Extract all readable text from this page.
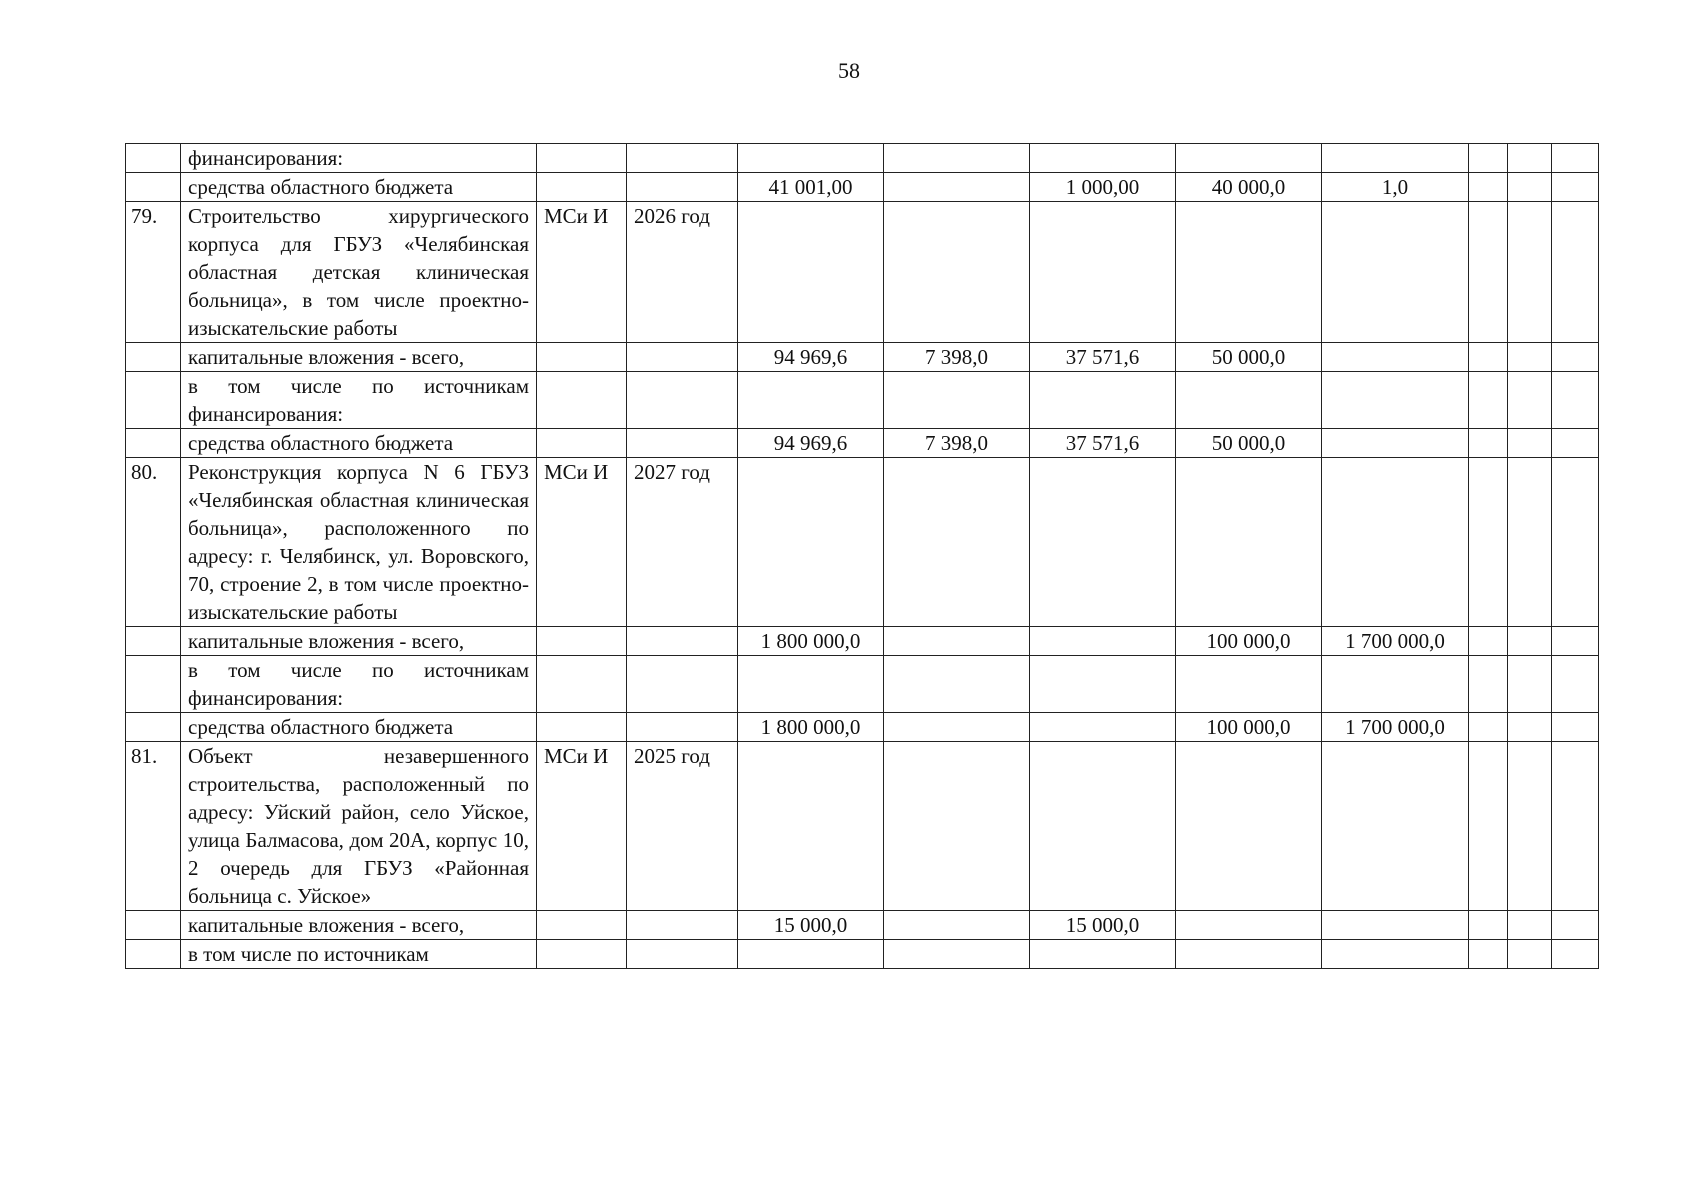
58
	финансирования:										
	средства областного бюджета			41 001,00		1 000,00	40 000,0	1,0			
79.	Строительство хирургического корпуса для ГБУЗ «Челябинская областная детская клиническая больница», в том числе проектно-изыскательские работы	МСи И	2026 год								
	капитальные вложения - всего,			94 969,6	7 398,0	37 571,6	50 000,0				
	в том числе по источникам финансирования:										
	средства областного бюджета			94 969,6	7 398,0	37 571,6	50 000,0				
80.	Реконструкция корпуса N 6 ГБУЗ «Челябинская областная клиническая больница», расположенного по адресу: г. Челябинск, ул. Воровского, 70, строение 2, в том числе проектно-изыскательские работы	МСи И	2027 год								
	капитальные вложения - всего,			1 800 000,0			100 000,0	1 700 000,0			
	в том числе по источникам финансирования:										
	средства областного бюджета			1 800 000,0			100 000,0	1 700 000,0			
81.	Объект незавершенного строительства, расположенный по адресу: Уйский район, село Уйское, улица Балмасова, дом 20А, корпус 10, 2 очередь для ГБУЗ «Районная больница с. Уйское»	МСи И	2025 год								
	капитальные вложения - всего,			15 000,0		15 000,0					
	в том числе по источникам										
